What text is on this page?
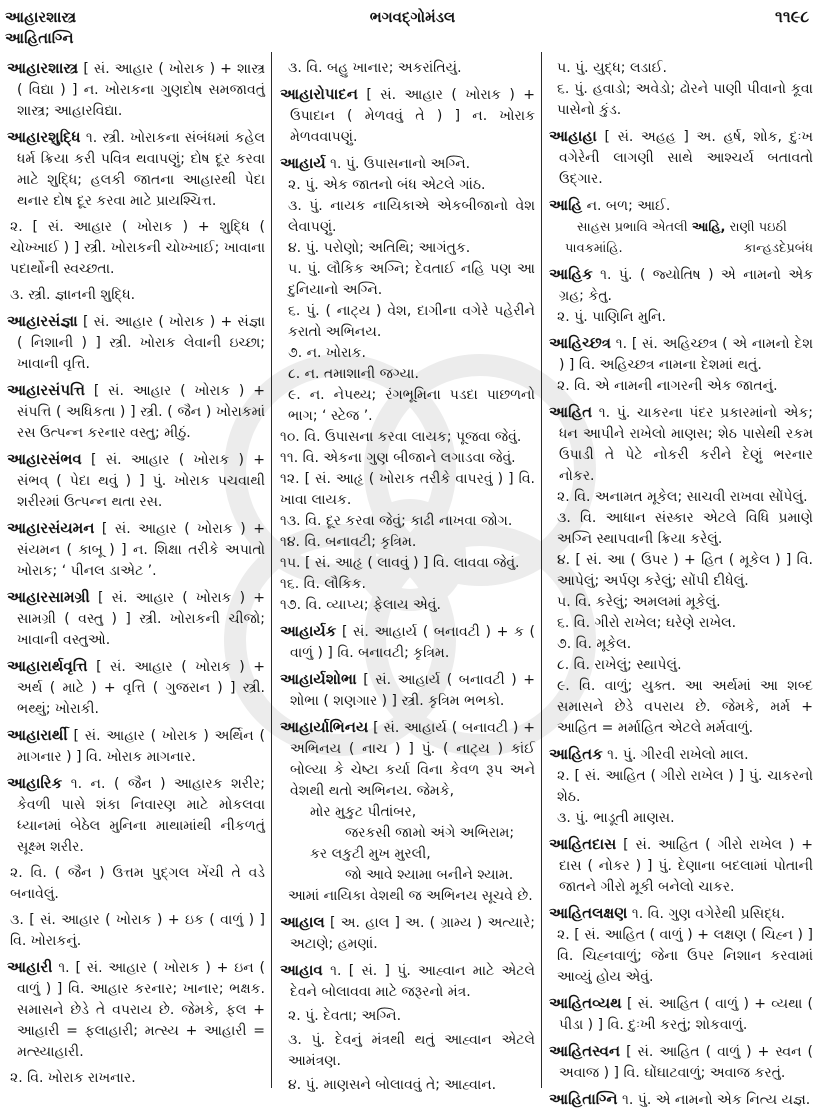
આહારશાસ્ત્ર
આહિતાગ્નિ
ભગવદ્ગોમંડલ	૧૧૯૮

આહારશાસ્ત્ર [ સં. આહાર ( ખોરાક ) + શાસ્ત્ર ( વિદ્યા ) ] ન. ખોરાકના ગુણદોષ સમજાવતું શાસ્ત્ર; આહારવિદ્યા.

આહારશુદ્ધિ ૧. સ્ત્રી. ખોરાકના સંબંધમાં કહેલ ધર્મ ક્રિયા કરી પવિત્ર થવાપણું; દોષ દૂર કરવા માટે શુદ્ધિ; હલકી જાતના આહારથી પેદા થનાર દોષ દૂર કરવા માટે પ્રાયશ્ચિત્ત.

૨. [ સં. આહાર ( ખોરાક ) + શુદ્ધિ ( ચોખ્ખાઈ ) ] સ્ત્રી. ખોરાકની ચોખ્ખાઈ; ખાવાના પદાર્થોની સ્વચ્છતા.

૩. સ્ત્રી. જ્ઞાનની શુદ્ધિ.

આહારસંજ્ઞા [ સં. આહાર ( ખોરાક ) + સંજ્ઞા ( નિશાની ) ] સ્ત્રી. ખોરાક લેવાની ઇચ્છા; ખાવાની વૃત્તિ.

આહારસંપત્તિ [ સં. આહાર ( ખોરાક ) + સંપત્તિ ( અધિકતા ) ] સ્ત્રી. ( જૈન ) ખોરાકમાં રસ ઉત્પન્ન કરનાર વસ્તુ; મીઠું.

આહારસંભવ [ સં. આહાર ( ખોરાક ) + સંભવ્ ( પેદા થવું ) ] પું. ખોરાક પચવાથી શરીરમાં ઉત્પન્ન થતા રસ.

આહારસંયમન [ સં. આહાર ( ખોરાક ) + સંયમન ( કાબૂ ) ] ન. શિક્ષા તરીકે અપાતો ખોરાક; ‘ પીનલ ડાએટ ’.

આહારસામગ્રી [ સં. આહાર ( ખોરાક ) + સામગ્રી ( વસ્તુ ) ] સ્ત્રી. ખોરાકની ચીજો; ખાવાની વસ્તુઓ.

આહારાર્થવૃત્તિ [ સં. આહાર ( ખોરાક ) + અર્થ ( માટે ) + વૃત્તિ ( ગુજરાન ) ] સ્ત્રી. ભથ્થું; ખોરાકી.

આહારાર્થી [ સં. આહાર ( ખોરાક ) અર્થિન ( માગનાર ) ] વિ. ખોરાક માગનાર.

આહારિક ૧. ન. ( જૈન ) આહારક શરીર; કેવળી પાસે શંકા નિવારણ માટે મોકલવા ધ્યાનમાં બેઠેલ મુનિના માથામાંથી નીકળતું સૂક્ષ્મ શરીર.

૨. વિ. ( જૈન ) ઉત્તમ પુદ્ગલ ખેંચી તે વડે બનાવેલું.

૩. [ સં. આહાર ( ખોરાક ) + ઇક ( વાળું ) ] વિ. ખોરાકનું.

આહારી ૧. [ સં. આહાર ( ખોરાક ) + ઇન ( વાળું ) ] વિ. આહાર કરનાર; ખાનાર; ભક્ષક. સમાસને છેડે તે વપરાય છે. જેમકે, ફલ + આહારી = ફલાહારી; મત્સ્ય + આહારી = મત્સ્યાહારી.

૨. વિ. ખોરાક રાખનાર.

૩. વિ. બહુ ખાનાર; અકરાંતિયું.

આહારોપાદન [ સં. આહાર ( ખોરાક ) + ઉપાદાન ( મેળવવું તે ) ] ન. ખોરાક મેળવવાપણું.

આહાર્ય ૧. પું. ઉપાસનાનો અગ્નિ.

૨. પું. એક જાતનો બંધ એટલે ગાંઠ.

૩. પું. નાયક નાયિકાએ એકબીજાનો વેશ લેવાપણું.

૪. પું. પરોણો; અતિથિ; આગંતુક.

૫. પું. લૌકિક અગ્નિ; દેવતાઈ નહિ પણ આ દુનિયાનો અગ્નિ.

૬. પું. ( નાટ્ય ) વેશ, દાગીના વગેરે પહેરીને કરાતો અભિનય.

૭. ન. ખોરાક.

૮. ન. તમાશાની જગ્યા.

૯. ન. નેપથ્ય; રંગભૂમિના પડદા પાછળનો ભાગ; ‘ સ્ટેજ ’.

૧૦. વિ. ઉપાસના કરવા લાયક; પૂજવા જેવું.

૧૧. વિ. એકના ગુણ બીજાને લગાડવા જેવું.

૧૨. [ સં. આહૃ ( ખોરાક તરીકે વાપરવું ) ] વિ. ખાવા લાયક.

૧૩. વિ. દૂર કરવા જેવું; કાઢી નાખવા જોગ.

૧૪. વિ. બનાવટી; કૃત્રિમ.

૧૫. [ સં. આહૃ ( લાવવું ) ] વિ. લાવવા જેવું.

૧૬. વિ. લૌકિક.

૧૭. વિ. વ્યાપ્ય; ફેલાય એવું.

આહાર્યક [ સં. આહાર્ય ( બનાવટી ) + ક ( વાળું ) ] વિ. બનાવટી; કૃત્રિમ.

આહાર્યશોભા [ સં. આહાર્ય ( બનાવટી ) + શોભા ( શણગાર ) ] સ્ત્રી. કૃત્રિમ ભભકો.

આહાર્યાભિનય [ સં. આહાર્ય ( બનાવટી ) + અભિનય ( નાચ ) ] પું. ( નાટ્ય ) કાંઈ બોલ્યા કે ચેષ્ટા કર્યા વિના કેવળ રૂપ અને વેશથી થતો અભિનય. જેમકે,

મોર મુકુટ પીતાંબર,

જરકસી જામો અંગે અભિરામ;

કર લકુટી મુખ મુરલી,

જો આવે શ્યામા બનીને શ્યામ.

આમાં નાયિકા વેશથી જ અભિનય સૂચવે છે.

આહાલ [ અ. હાલ ] અ. ( ગ્રામ્ય ) અત્યારે; અટાણે; હમણાં.

આહાવ ૧. [ સં. ] પું. આહ્વાન માટે એટલે દેવને બોલાવવા માટે જરૂરનો મંત્ર.

૨. પું. દેવતા; અગ્નિ.

૩. પું. દેવનું મંત્રથી થતું આહ્વાન એટલે આમંત્રણ.

૪. પું. માણસને બોલાવવું તે; આહ્વાન.

૫. પું. યુદ્ધ; લડાઈ.

૬. પું. હવાડો; અવેડો; ઢોરને પાણી પીવાનો કૂવા પાસેનો કુંડ.

આહાહા [ સં. અહહ ] અ. હર્ષ, શોક, દુઃખ વગેરેની લાગણી સાથે આશ્ચર્ય બતાવતો ઉદ્ગાર.

આહિ ન. બળ; આઈ.

સાહસ પ્રભાવિ એતલી આહિ, રાણી પઇઠી

પાવકમાંહિ.	કાન્હડદેપ્રબંધ

આહિક ૧. પું. ( જ્યોતિષ ) એ નામનો એક ગ્રહ; કેતુ.

૨. પું. પાણિનિ મુનિ.

આહિચ્છત્ર ૧. [ સં. અહિચ્છત્ર ( એ નામનો દેશ ) ] વિ. અહિચ્છત્ર નામના દેશમાં થતું.

૨. વિ. એ નામની નાગરની એક જાતનું.

આહિત ૧. પું. ચાકરના પંદર પ્રકારમાંનો એક; ધન આપીને રાખેલો માણસ; શેઠ પાસેથી રકમ ઉપાડી તે પેટે નોકરી કરીને દેણું ભરનાર નોકર.

૨. વિ. અનામત મૂકેલ; સાચવી રાખવા સોંપેલું.

૩. વિ. આધાન સંસ્કાર એટલે વિધિ પ્રમાણે અગ્નિ સ્થાપવાની ક્રિયા કરેલું.

૪. [ સં. આ ( ઉપર ) + હિત ( મૂકેલ ) ] વિ. આપેલું; અર્પણ કરેલું; સોંપી દીધેલું.

૫. વિ. કરેલું; અમલમાં મૂકેલું.

૬. વિ. ગીરો રાખેલ; ઘરેણે રાખેલ.

૭. વિ. મૂકેલ.

૮. વિ. રાખેલું; સ્થાપેલું.

૯. વિ. વાળું; યુક્ત. આ અર્થમાં આ શબ્દ સમાસને છેડે વપરાય છે. જેમકે, મર્મ + આહિત = મર્માહિત એટલે મર્મવાળું.

આહિતક ૧. પું. ગીરવી રાખેલો માલ.

૨. [ સં. આહિત ( ગીરો રાખેલ ) ] પું. ચાકરનો શેઠ.

૩. પું. ભાડૂતી માણસ.

આહિતદાસ [ સં. આહિત ( ગીરો રાખેલ ) + દાસ ( નોકર ) ] પું. દેણાના બદલામાં પોતાની જાતને ગીરો મૂકી બનેલો ચાકર.

આહિતલક્ષણ ૧. વિ. ગુણ વગેરેથી પ્રસિદ્ધ.

૨. [ સં. આહિત ( વાળું ) + લક્ષણ ( ચિહ્ન ) ] વિ. ચિહ્નવાળું; જેના ઉપર નિશાન કરવામાં આવ્યું હોય એવું.

આહિતવ્યથ [ સં. આહિત ( વાળું ) + વ્યથા ( પીડા ) ] વિ. દુઃખી કરતું; શોકવાળું.

આહિતસ્વન [ સં. આહિત ( વાળું ) + સ્વન ( અવાજ ) ] વિ. ઘોંઘાટવાળું; અવાજ કરતું.

આહિતાગ્નિ ૧. પું. એ નામનો એક નિત્ય યજ્ઞ.
